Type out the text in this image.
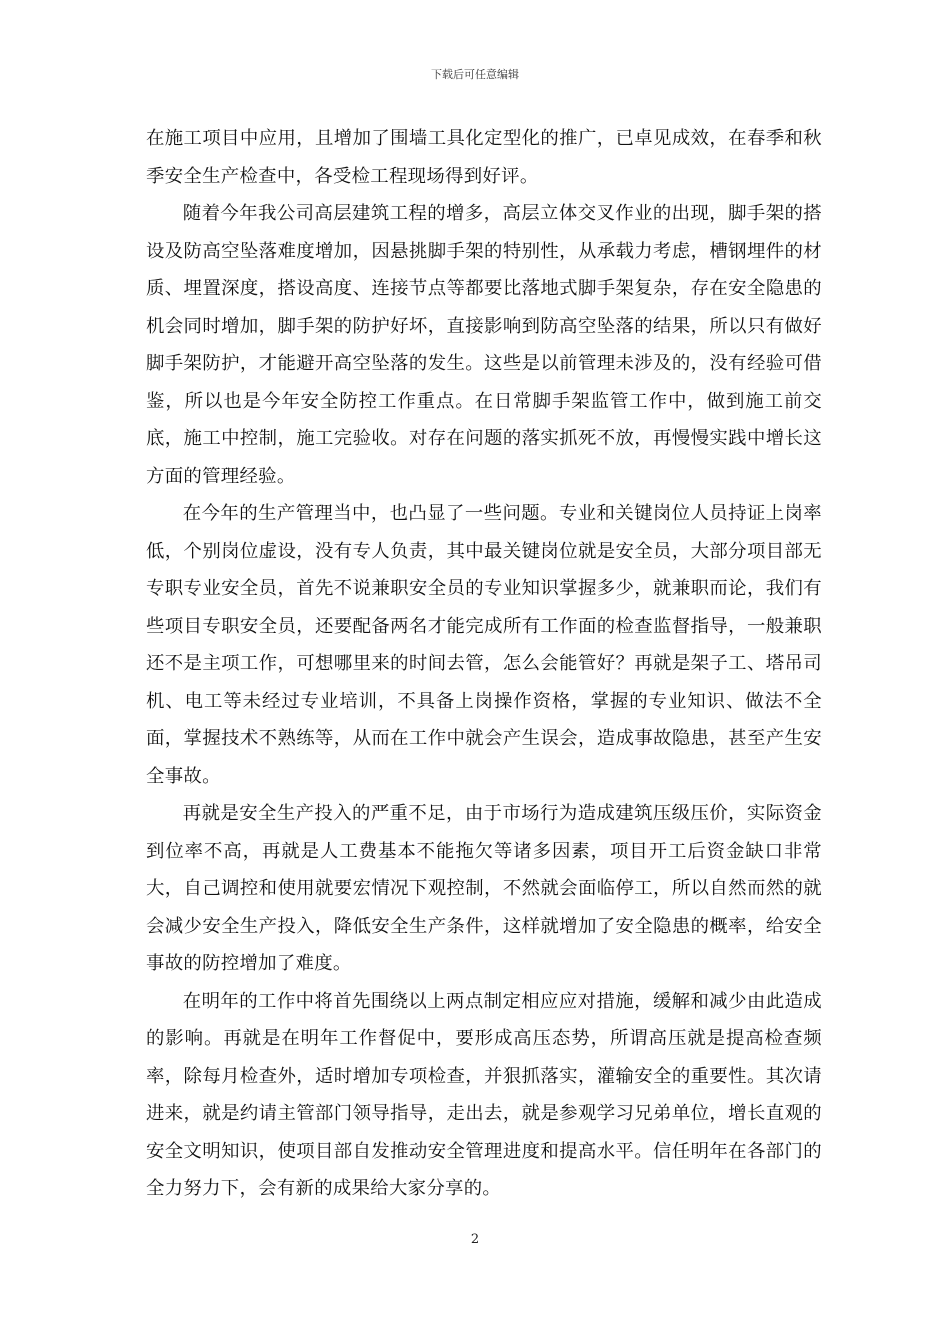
下载后可任意编辑

在施工项目中应用，且增加了围墙工具化定型化的推广，已卓见成效，在春季和秋季安全生产检查中，各受检工程现场得到好评。

随着今年我公司高层建筑工程的增多，高层立体交叉作业的出现，脚手架的搭设及防高空坠落难度增加，因悬挑脚手架的特别性，从承载力考虑，槽钢埋件的材质、埋置深度，搭设高度、连接节点等都要比落地式脚手架复杂，存在安全隐患的机会同时增加，脚手架的防护好坏，直接影响到防高空坠落的结果，所以只有做好脚手架防护，才能避开高空坠落的发生。这些是以前管理未涉及的，没有经验可借鉴，所以也是今年安全防控工作重点。在日常脚手架监管工作中，做到施工前交底，施工中控制，施工完验收。对存在问题的落实抓死不放，再慢慢实践中增长这方面的管理经验。

在今年的生产管理当中，也凸显了一些问题。专业和关键岗位人员持证上岗率低，个别岗位虚设，没有专人负责，其中最关键岗位就是安全员，大部分项目部无专职专业安全员，首先不说兼职安全员的专业知识掌握多少，就兼职而论，我们有些项目专职安全员，还要配备两名才能完成所有工作面的检查监督指导，一般兼职还不是主项工作，可想哪里来的时间去管，怎么会能管好？再就是架子工、塔吊司机、电工等未经过专业培训，不具备上岗操作资格，掌握的专业知识、做法不全面，掌握技术不熟练等，从而在工作中就会产生误会，造成事故隐患，甚至产生安全事故。

再就是安全生产投入的严重不足，由于市场行为造成建筑压级压价，实际资金到位率不高，再就是人工费基本不能拖欠等诸多因素，项目开工后资金缺口非常大，自己调控和使用就要宏情况下观控制，不然就会面临停工，所以自然而然的就会减少安全生产投入，降低安全生产条件，这样就增加了安全隐患的概率，给安全事故的防控增加了难度。

在明年的工作中将首先围绕以上两点制定相应应对措施，缓解和减少由此造成的影响。再就是在明年工作督促中，要形成高压态势，所谓高压就是提高检查频率，除每月检查外，适时增加专项检查，并狠抓落实，灌输安全的重要性。其次请进来，就是约请主管部门领导指导，走出去，就是参观学习兄弟单位，增长直观的安全文明知识，使项目部自发推动安全管理进度和提高水平。信任明年在各部门的全力努力下，会有新的成果给大家分享的。

2
